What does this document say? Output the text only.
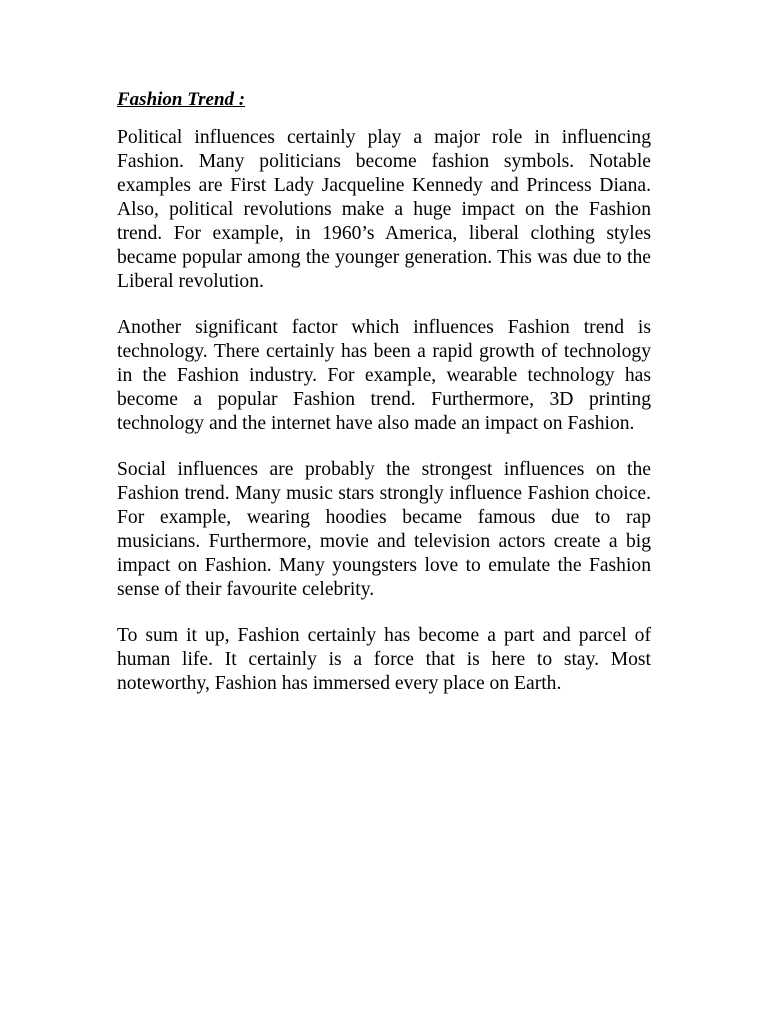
Fashion Trend :

Political influences certainly play a major role in influencing Fashion. Many politicians become fashion symbols. Notable examples are First Lady Jacqueline Kennedy and Princess Diana. Also, political revolutions make a huge impact on the Fashion trend. For example, in 1960’s America, liberal clothing styles became popular among the younger generation. This was due to the Liberal revolution.

Another significant factor which influences Fashion trend is technology. There certainly has been a rapid growth of technology in the Fashion industry. For example, wearable technology has become a popular Fashion trend. Furthermore, 3D printing technology and the internet have also made an impact on Fashion.

Social influences are probably the strongest influences on the Fashion trend. Many music stars strongly influence Fashion choice. For example, wearing hoodies became famous due to rap musicians. Furthermore, movie and television actors create a big impact on Fashion. Many youngsters love to emulate the Fashion sense of their favourite celebrity.

To sum it up, Fashion certainly has become a part and parcel of human life. It certainly is a force that is here to stay. Most noteworthy, Fashion has immersed every place on Earth.
